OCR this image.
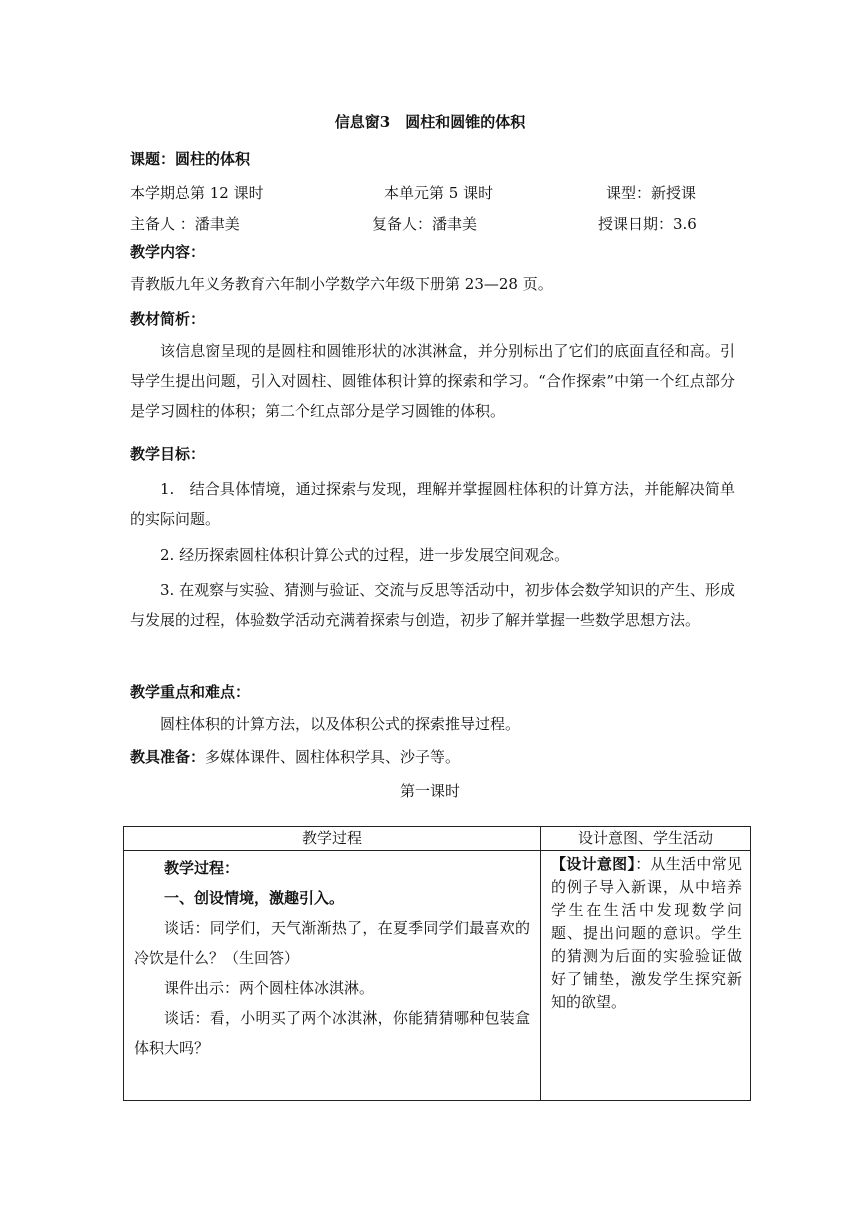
信息窗3　圆柱和圆锥的体积
课题：圆柱的体积
本学期总第 12 课时	本单元第 5 课时	课型：新授课
主备人 ：潘聿美	复备人：潘聿美	授课日期：3.6
教学内容：
青教版九年义务教育六年制小学数学六年级下册第 23—28 页。
教材简析：
该信息窗呈现的是圆柱和圆锥形状的冰淇淋盒，并分别标出了它们的底面直径和高。引导学生提出问题，引入对圆柱、圆锥体积计算的探索和学习。“合作探索”中第一个红点部分是学习圆柱的体积；第二个红点部分是学习圆锥的体积。
教学目标：
1.　结合具体情境，通过探索与发现，理解并掌握圆柱体积的计算方法，并能解决简单的实际问题。
2. 经历探索圆柱体积计算公式的过程，进一步发展空间观念。
3. 在观察与实验、猜测与验证、交流与反思等活动中，初步体会数学知识的产生、形成与发展的过程，体验数学活动充满着探索与创造，初步了解并掌握一些数学思想方法。
教学重点和难点：
圆柱体积的计算方法，以及体积公式的探索推导过程。
教具准备：多媒体课件、圆柱体积学具、沙子等。
第一课时
教学过程	设计意图、学生活动

教学过程：
一、创设情境，激趣引入。
谈话：同学们，天气渐渐热了，在夏季同学们最喜欢的冷饮是什么？（生回答）
课件出示：两个圆柱体冰淇淋。
谈话：看，小明买了两个冰淇淋，你能猜猜哪种包装盒体积大吗？	【设计意图】：从生活中常见的例子导入新课，从中培养学生在生活中发现数学问题、提出问题的意识。学生的猜测为后面的实验验证做好了铺垫，激发学生探究新知的欲望。
